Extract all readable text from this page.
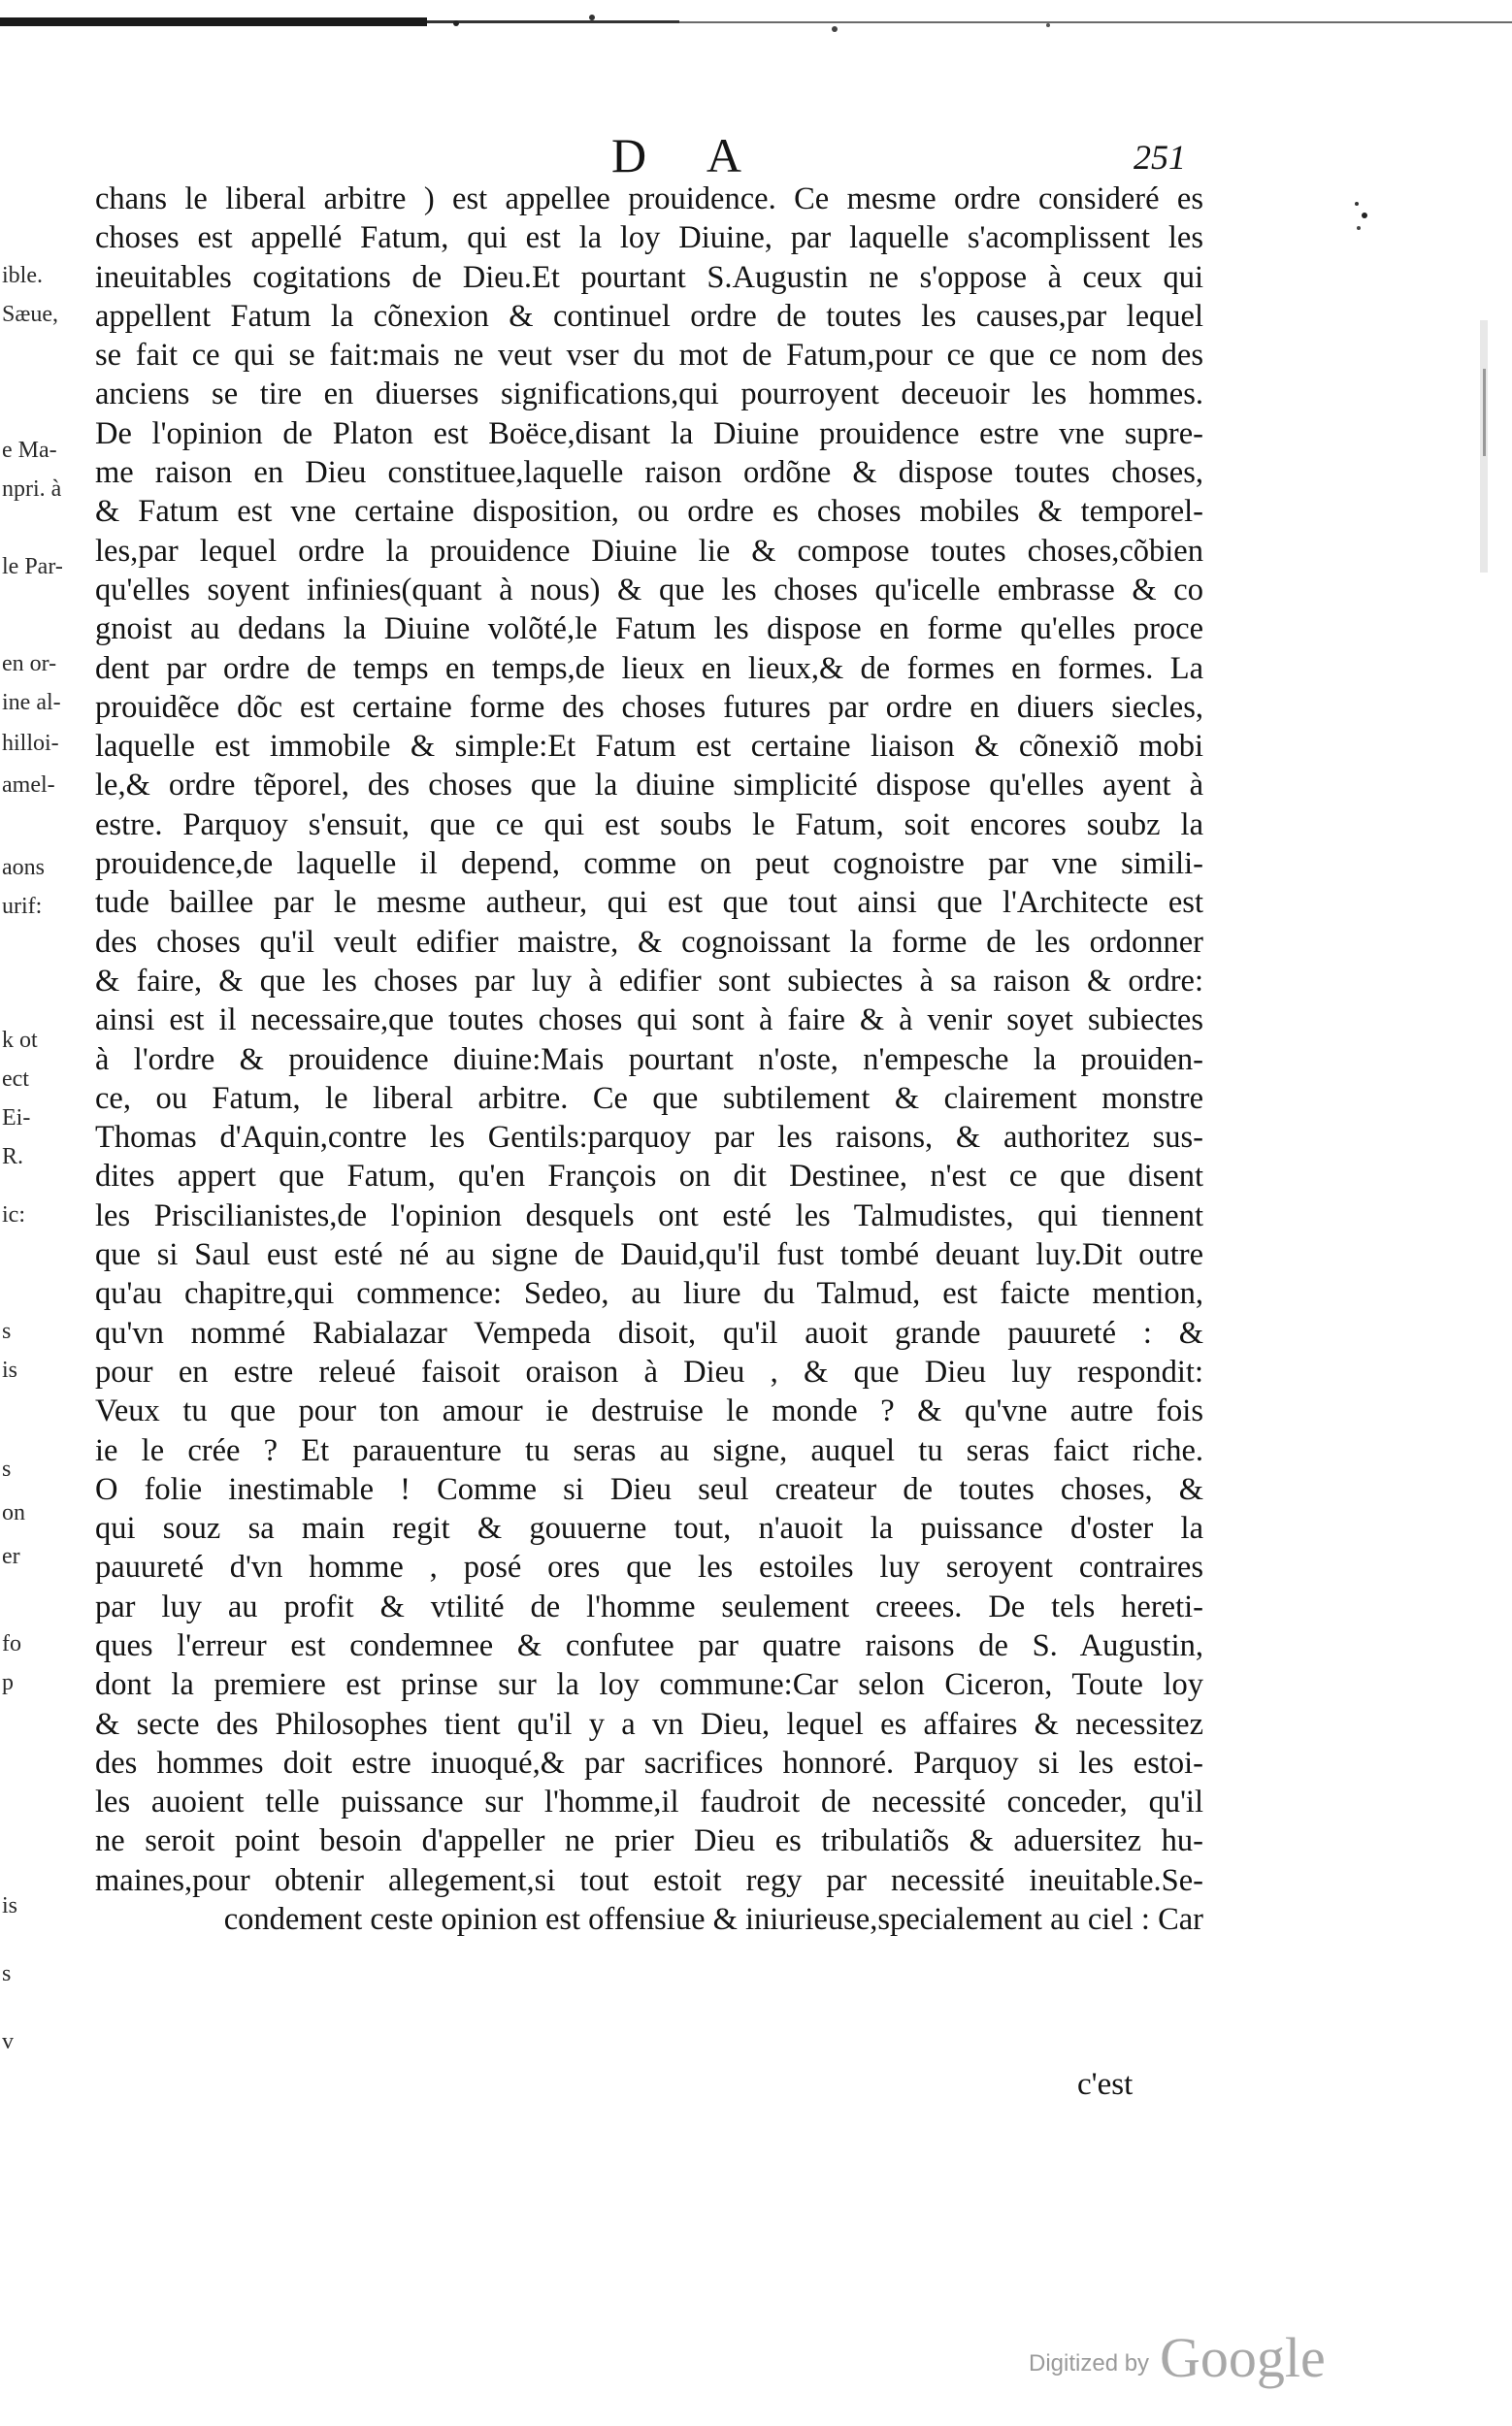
ible.
Sæue,
e Ma-
npri. à
le Par-
en or-
ine al-
hilloi-
amel-
aons
urif:
k ot
ect
Ei-
R.
ic:
s
is
s
on
er
fo
p
is
s
v
D A	251
chans le liberal arbitre ) est appellee prouidence. Ce mesme ordre consideré es
choses est appellé Fatum, qui est la loy Diuine, par laquelle s'acomplissent les
ineuitables cogitations de Dieu.Et pourtant S.Augustin ne s'oppose à ceux qui
appellent Fatum la cõnexion & continuel ordre de toutes les causes,par lequel
se fait ce qui se fait:mais ne veut vser du mot de Fatum,pour ce que ce nom des
anciens se tire en diuerses significations,qui pourroyent deceuoir les hommes.
De l'opinion de Platon est Boëce,disant la Diuine prouidence estre vne supre-
me raison en Dieu constituee,laquelle raison ordõne & dispose toutes choses,
& Fatum est vne certaine disposition, ou ordre es choses mobiles & temporel-
les,par lequel ordre la prouidence Diuine lie & compose toutes choses,cõbien
qu'elles soyent infinies(quant à nous) & que les choses qu'icelle embrasse & co
gnoist au dedans la Diuine volõté,le Fatum les dispose en forme qu'elles proce
dent par ordre de temps en temps,de lieux en lieux,& de formes en formes. La
prouidẽce dõc est certaine forme des choses futures par ordre en diuers siecles,
laquelle est immobile & simple:Et Fatum est certaine liaison & cõnexiõ mobi
le,& ordre tẽporel, des choses que la diuine simplicité dispose qu'elles ayent à
estre. Parquoy s'ensuit, que ce qui est soubs le Fatum, soit encores soubz la
prouidence,de laquelle il depend, comme on peut cognoistre par vne simili-
tude baillee par le mesme autheur, qui est que tout ainsi que l'Architecte est
des choses qu'il veult edifier maistre, & cognoissant la forme de les ordonner
& faire, & que les choses par luy à edifier sont subiectes à sa raison & ordre:
ainsi est il necessaire,que toutes choses qui sont à faire & à venir soyet subiectes
à l'ordre & prouidence diuine:Mais pourtant n'oste, n'empesche la prouiden-
ce, ou Fatum, le liberal arbitre. Ce que subtilement & clairement monstre
Thomas d'Aquin,contre les Gentils:parquoy par les raisons, & authoritez sus-
dites appert que Fatum, qu'en François on dit Destinee, n'est ce que disent
les Priscilianistes,de l'opinion desquels ont esté les Talmudistes, qui tiennent
que si Saul eust esté né au signe de Dauid,qu'il fust tombé deuant luy.Dit outre
qu'au chapitre,qui commence: Sedeo, au liure du Talmud, est faicte mention,
qu'vn nommé Rabialazar Vempeda disoit, qu'il auoit grande pauureté : &
pour en estre releué faisoit oraison à Dieu , & que Dieu luy respondit:
Veux tu que pour ton amour ie destruise le monde ? & qu'vne autre fois
ie le crée ? Et parauenture tu seras au signe, auquel tu seras faict riche.
O folie inestimable ! Comme si Dieu seul createur de toutes choses, &
qui souz sa main regit & gouuerne tout, n'auoit la puissance d'oster la
pauureté d'vn homme , posé ores que les estoiles luy seroyent contraires
par luy au profit & vtilité de l'homme seulement creees. De tels hereti-
ques l'erreur est condemnee & confutee par quatre raisons de S. Augustin,
dont la premiere est prinse sur la loy commune:Car selon Ciceron, Toute loy
& secte des Philosophes tient qu'il y a vn Dieu, lequel es affaires & necessitez
des hommes doit estre inuoqué,& par sacrifices honnoré. Parquoy si les estoi-
les auoient telle puissance sur l'homme,il faudroit de necessité conceder, qu'il
ne seroit point besoin d'appeller ne prier Dieu es tribulatiõs & aduersitez hu-
maines,pour obtenir allegement,si tout estoit regy par necessité ineuitable.Se-
condement ceste opinion est offensiue & iniurieuse,specialement au ciel : Car
c'est
Digitized by Google
